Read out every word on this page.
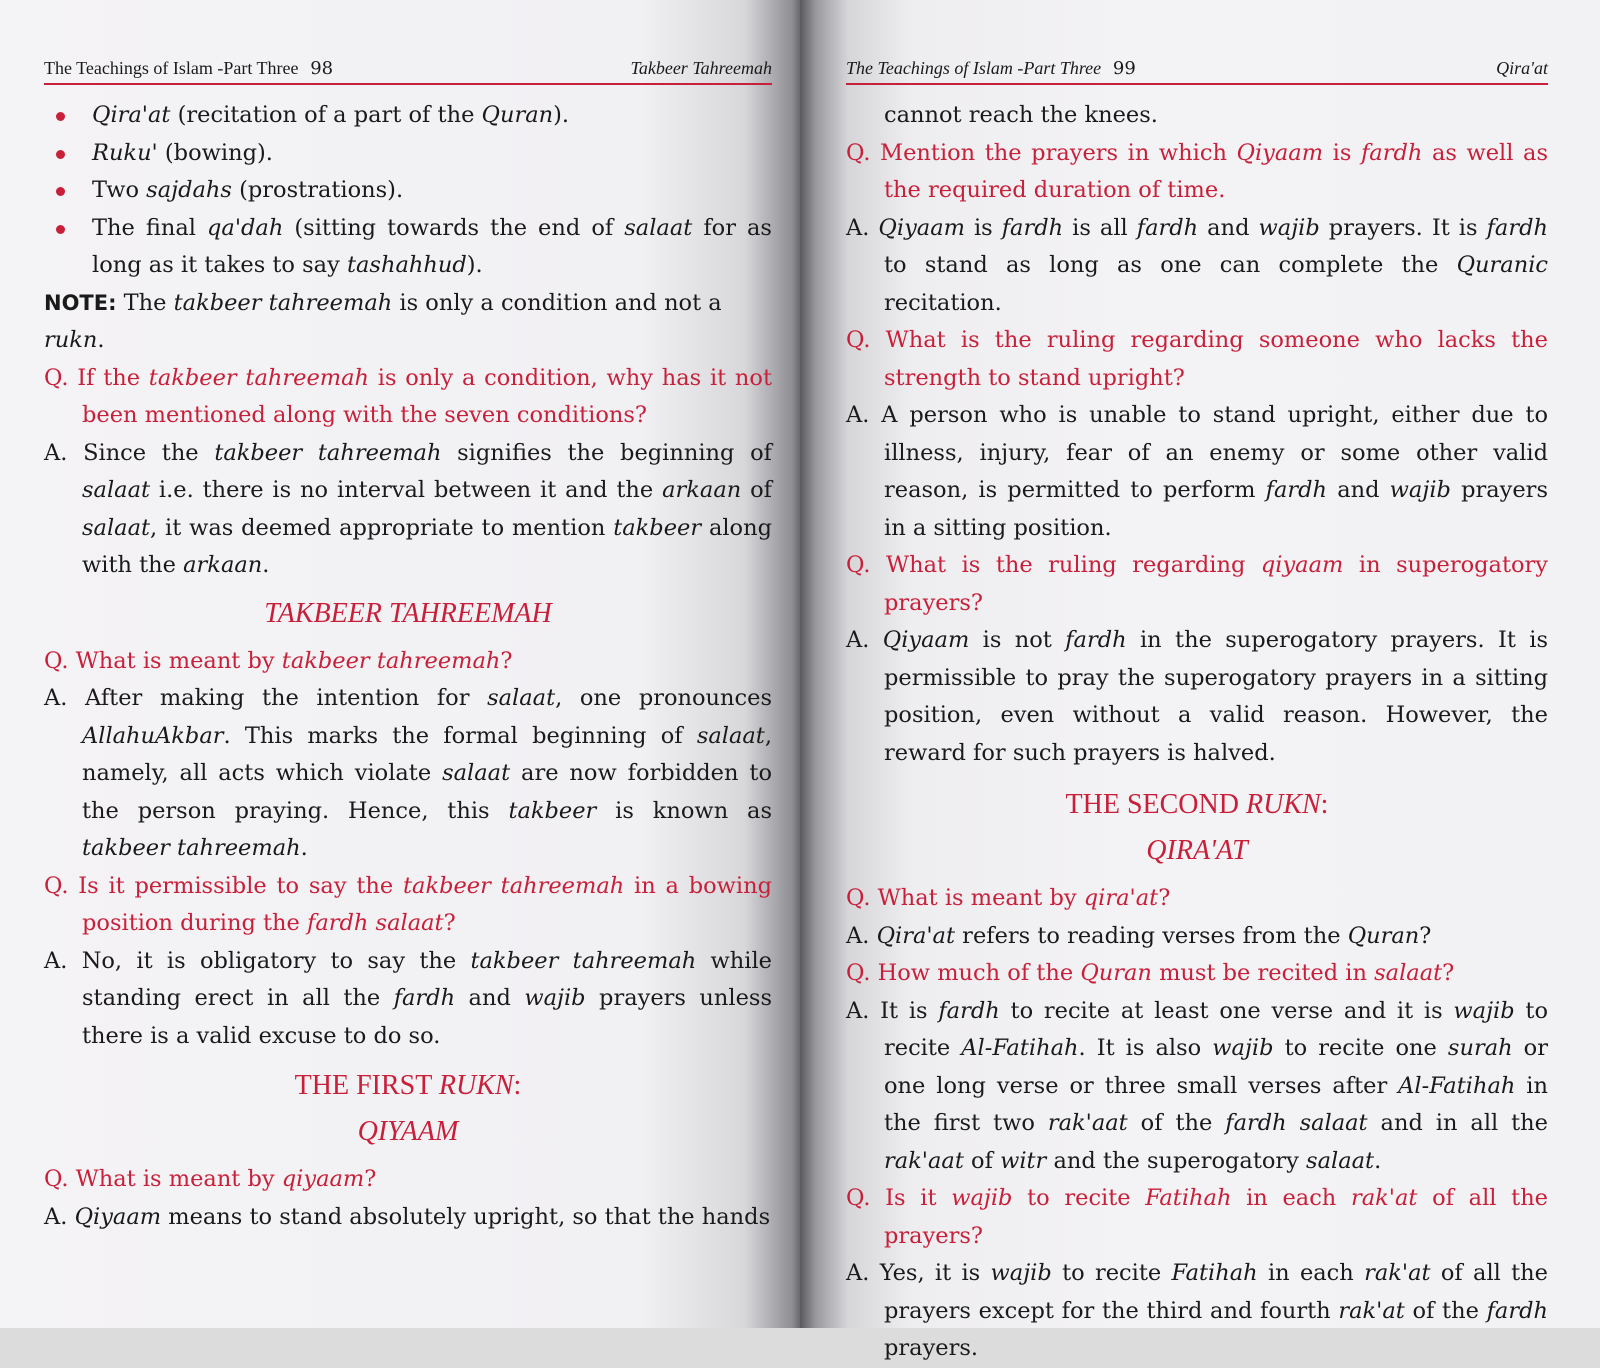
The Teachings of Islam -Part Three 98	Takbeer Tahreemah
Qira'at (recitation of a part of the Quran).
Ruku' (bowing).
Two sajdahs (prostrations).
The final qa'dah (sitting towards the end of salaat for as long as it takes to say tashahhud).

NOTE: The takbeer tahreemah is only a condition and not a rukn.

Q. If the takbeer tahreemah is only a condition, why has it not been mentioned along with the seven conditions?

A. Since the takbeer tahreemah signifies the beginning of salaat i.e. there is no interval between it and the arkaan of salaat, it was deemed appropriate to mention takbeer along with the arkaan.

TAKBEER TAHREEMAH

Q. What is meant by takbeer tahreemah?

A. After making the intention for salaat, one pronounces AllahuAkbar. This marks the formal beginning of salaat, namely, all acts which violate salaat are now forbidden to the person praying. Hence, this takbeer is known as takbeer tahreemah.

Q. Is it permissible to say the takbeer tahreemah in a bowing position during the fardh salaat?

A. No, it is obligatory to say the takbeer tahreemah while standing erect in all the fardh and wajib prayers unless there is a valid excuse to do so.

THE FIRST RUKN:
QIYAAM

Q. What is meant by qiyaam?

A. Qiyaam means to stand absolutely upright, so that the hands

The Teachings of Islam -Part Three 99	Qira'at

cannot reach the knees.

Q. Mention the prayers in which Qiyaam is fardh as well as the required duration of time.

A. Qiyaam is fardh is all fardh and wajib prayers. It is fardh to stand as long as one can complete the Quranic recitation.

Q. What is the ruling regarding someone who lacks the strength to stand upright?

A. A person who is unable to stand upright, either due to illness, injury, fear of an enemy or some other valid reason, is permitted to perform fardh and wajib prayers in a sitting position.

Q. What is the ruling regarding qiyaam in superogatory prayers?

A. Qiyaam is not fardh in the superogatory prayers. It is permissible to pray the superogatory prayers in a sitting position, even without a valid reason. However, the reward for such prayers is halved.

THE SECOND RUKN:
QIRA'AT

Q. What is meant by qira'at?

A. Qira'at refers to reading verses from the Quran?

Q. How much of the Quran must be recited in salaat?

A. It is fardh to recite at least one verse and it is wajib to recite Al-Fatihah. It is also wajib to recite one surah or one long verse or three small verses after Al-Fatihah in the first two rak'aat of the fardh salaat and in all the rak'aat of witr and the superogatory salaat.

Q. Is it wajib to recite Fatihah in each rak'at of all the prayers?

A. Yes, it is wajib to recite Fatihah in each rak'at of all the prayers except for the third and fourth rak'at of the fardh prayers.
